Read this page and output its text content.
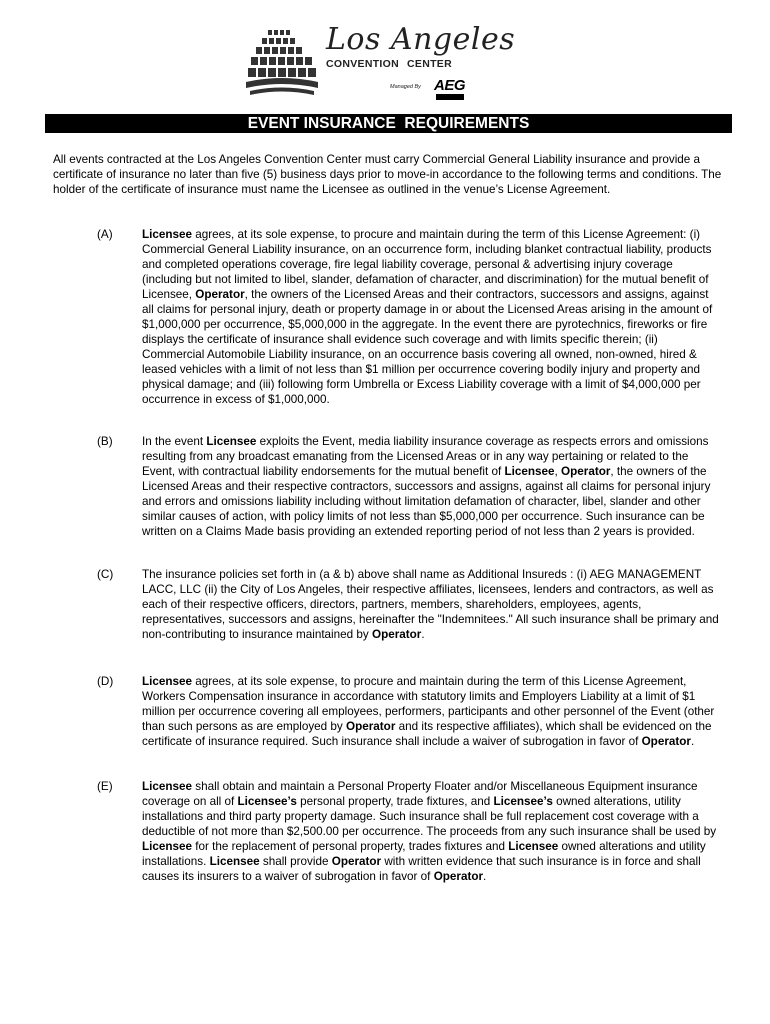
Los Angeles
CONVENTION CENTER
Managed By AEG
EVENT INSURANCE  REQUIREMENTS

All events contracted at the Los Angeles Convention Center must carry Commercial General Liability insurance and provide a certificate of insurance no later than five (5) business days prior to move-in accordance to the following terms and conditions. The holder of the certificate of insurance must name the Licensee as outlined in the venue’s License Agreement.

(A)	Licensee agrees, at its sole expense, to procure and maintain during the term of this License Agreement: (i) Commercial General Liability insurance, on an occurrence form, including blanket contractual liability, products and completed operations coverage, fire legal liability coverage, personal & advertising injury coverage (including but not limited to libel, slander, defamation of character, and discrimination) for the mutual benefit of Licensee, Operator, the owners of the Licensed Areas and their contractors, successors and assigns, against all claims for personal injury, death or property damage in or about the Licensed Areas arising in the amount of $1,000,000 per occurrence, $5,000,000 in the aggregate. In the event there are pyrotechnics, fireworks or fire displays the certificate of insurance shall evidence such coverage and with limits specific therein; (ii) Commercial Automobile Liability insurance, on an occurrence basis covering all owned, non-owned, hired & leased vehicles with a limit of not less than $1 million per occurrence covering bodily injury and property and physical damage; and (iii) following form Umbrella or Excess Liability coverage with a limit of $4,000,000 per occurrence in excess of $1,000,000.

(B)	In the event Licensee exploits the Event, media liability insurance coverage as respects errors and omissions resulting from any broadcast emanating from the Licensed Areas or in any way pertaining or related to the Event, with contractual liability endorsements for the mutual benefit of Licensee, Operator, the owners of the Licensed Areas and their respective contractors, successors and assigns, against all claims for personal injury and errors and omissions liability including without limitation defamation of character, libel, slander and other similar causes of action, with policy limits of not less than $5,000,000 per occurrence. Such insurance can be written on a Claims Made basis providing an extended reporting period of not less than 2 years is provided.

(C) The insurance policies set forth in (a & b) above shall name as Additional Insureds : (i) AEG MANAGEMENT LACC, LLC (ii) the City of Los Angeles, their respective affiliates, licensees, lenders and contractors, as well as each of their respective officers, directors, partners, members, shareholders, employees, agents, representatives, successors and assigns, hereinafter the "Indemnitees." All such insurance shall be primary and non-contributing to insurance maintained by Operator.

(D) Licensee agrees, at its sole expense, to procure and maintain during the term of this License Agreement, Workers Compensation insurance in accordance with statutory limits and Employers Liability at a limit of $1 million per occurrence covering all employees, performers, participants and other personnel of the Event (other than such persons as are employed by Operator and its respective affiliates), which shall be evidenced on the certificate of insurance required. Such insurance shall include a waiver of subrogation in favor of Operator.

(E)	Licensee shall obtain and maintain a Personal Property Floater and/or Miscellaneous Equipment insurance coverage on all of Licensee’s personal property, trade fixtures, and Licensee’s owned alterations, utility installations and third party property damage. Such insurance shall be full replacement cost coverage with a deductible of not more than $2,500.00 per occurrence. The proceeds from any such insurance shall be used by Licensee for the replacement of personal property, trades fixtures and Licensee owned alterations and utility installations. Licensee shall provide Operator with written evidence that such insurance is in force and shall causes its insurers to a waiver of subrogation in favor of Operator.
